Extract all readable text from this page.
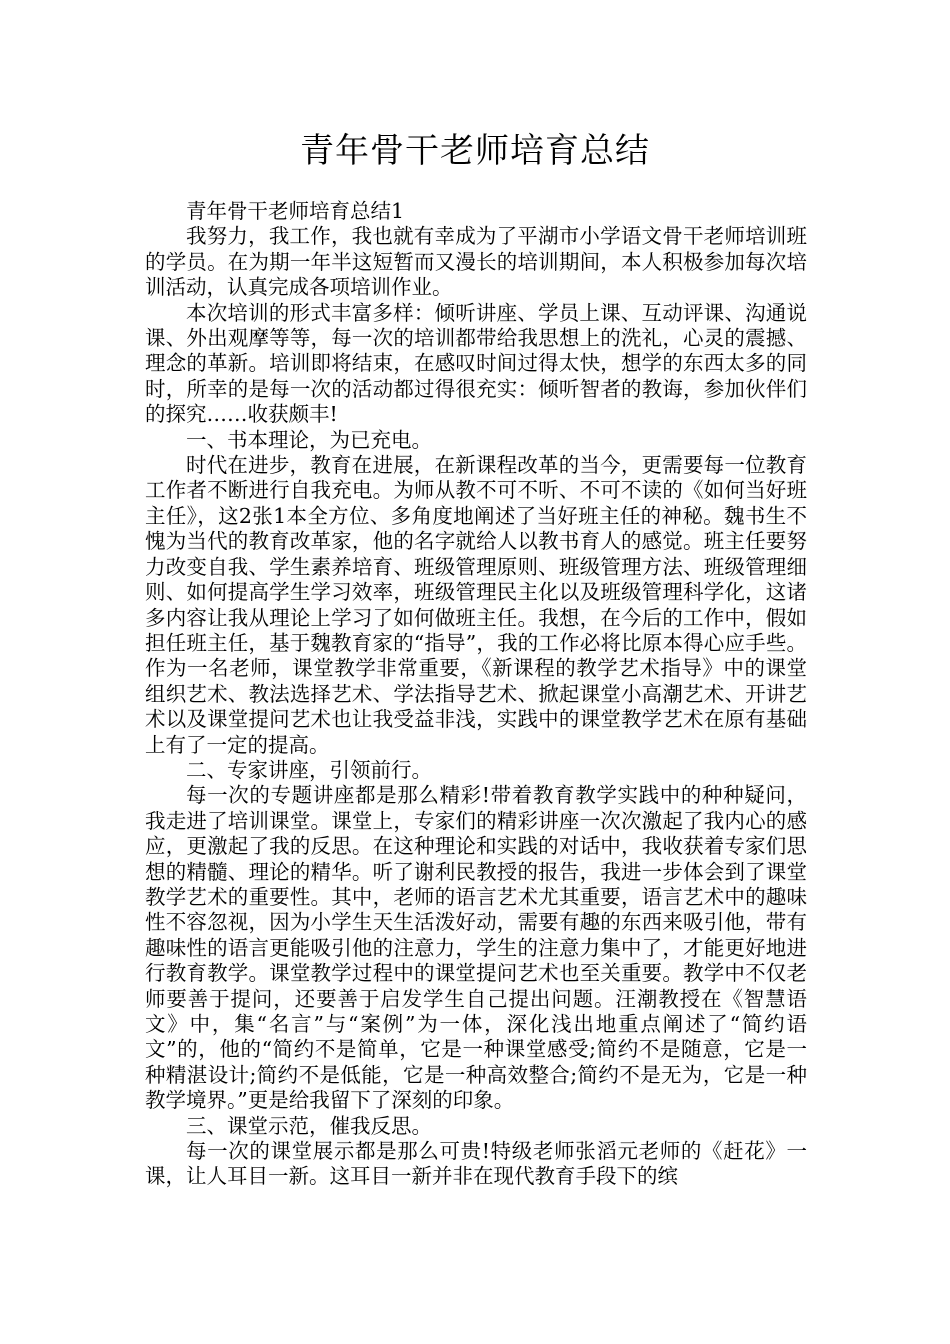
青年骨干老师培育总结

青年骨干老师培育总结1

我努力，我工作，我也就有幸成为了平湖市小学语文骨干老师培训班的学员。在为期一年半这短暂而又漫长的培训期间，本人积极参加每次培训活动，认真完成各项培训作业。

本次培训的形式丰富多样：倾听讲座、学员上课、互动评课、沟通说课、外出观摩等等，每一次的培训都带给我思想上的洗礼，心灵的震撼、理念的革新。培训即将结束，在感叹时间过得太快，想学的东西太多的同时，所幸的是每一次的活动都过得很充实：倾听智者的教诲，参加伙伴们的探究……收获颇丰!

一、书本理论，为已充电。

时代在进步，教育在进展，在新课程改革的当今，更需要每一位教育工作者不断进行自我充电。为师从教不可不听、不可不读的《如何当好班主任》，这2张1本全方位、多角度地阐述了当好班主任的神秘。魏书生不愧为当代的教育改革家，他的名字就给人以教书育人的感觉。班主任要努力改变自我、学生素养培育、班级管理原则、班级管理方法、班级管理细则、如何提高学生学习效率，班级管理民主化以及班级管理科学化，这诸多内容让我从理论上学习了如何做班主任。我想，在今后的工作中，假如担任班主任，基于魏教育家的“指导”，我的工作必将比原本得心应手些。作为一名老师，课堂教学非常重要，《新课程的教学艺术指导》中的课堂组织艺术、教法选择艺术、学法指导艺术、掀起课堂小高潮艺术、开讲艺术以及课堂提问艺术也让我受益非浅，实践中的课堂教学艺术在原有基础上有了一定的提高。

二、专家讲座，引领前行。

每一次的专题讲座都是那么精彩!带着教育教学实践中的种种疑问，我走进了培训课堂。课堂上，专家们的精彩讲座一次次激起了我内心的感应，更激起了我的反思。在这种理论和实践的对话中，我收获着专家们思想的精髓、理论的精华。听了谢利民教授的报告，我进一步体会到了课堂教学艺术的重要性。其中，老师的语言艺术尤其重要，语言艺术中的趣味性不容忽视，因为小学生天生活泼好动，需要有趣的东西来吸引他，带有趣味性的语言更能吸引他的注意力，学生的注意力集中了，才能更好地进行教育教学。课堂教学过程中的课堂提问艺术也至关重要。教学中不仅老师要善于提问，还要善于启发学生自己提出问题。汪潮教授在《智慧语文》中，集“名言”与“案例”为一体，深化浅出地重点阐述了“简约语文”的，他的“简约不是简单，它是一种课堂感受;简约不是随意，它是一种精湛设计;简约不是低能，它是一种高效整合;简约不是无为，它是一种教学境界。”更是给我留下了深刻的印象。

三、课堂示范，催我反思。

每一次的课堂展示都是那么可贵!特级老师张滔元老师的《赶花》一课，让人耳目一新。这耳目一新并非在现代教育手段下的缤
